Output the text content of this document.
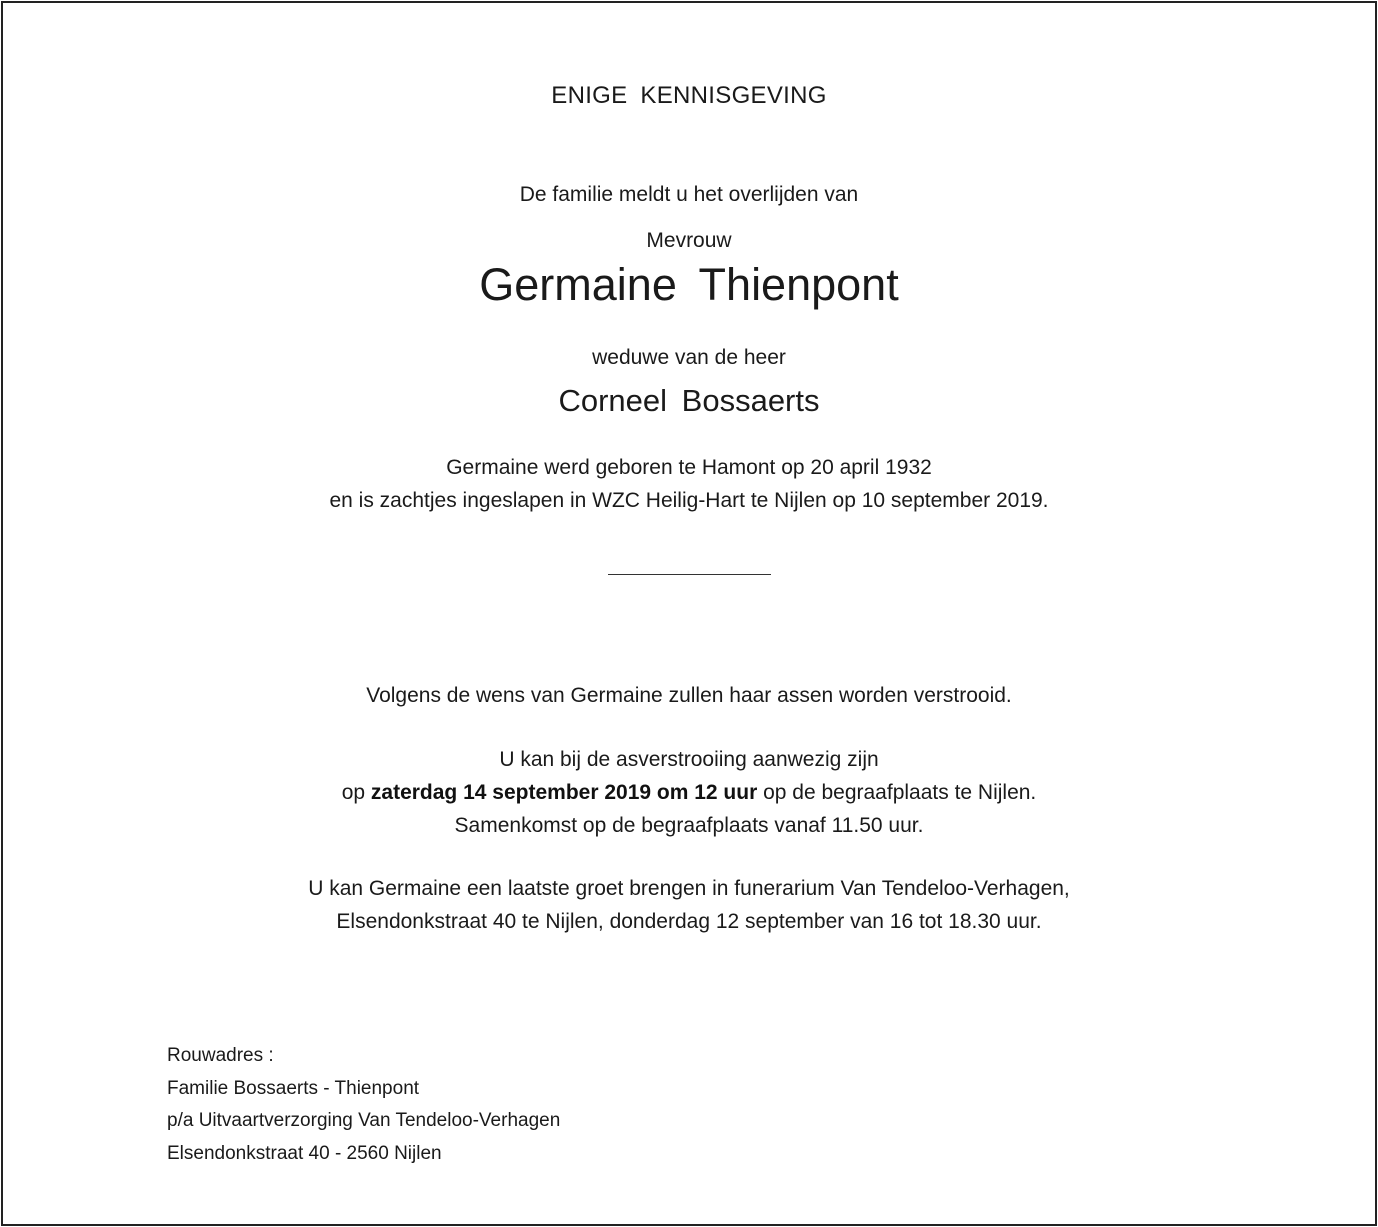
ENIGE KENNISGEVING
De familie meldt u het overlijden van
Mevrouw
Germaine Thienpont
weduwe van de heer
Corneel Bossaerts
Germaine werd geboren te Hamont op 20 april 1932
en is zachtjes ingeslapen in WZC Heilig-Hart te Nijlen op 10 september 2019.
Volgens de wens van Germaine zullen haar assen worden verstrooid.
U kan bij de asverstrooiing aanwezig zijn
op zaterdag 14 september 2019 om 12 uur op de begraafplaats te Nijlen.
Samenkomst op de begraafplaats vanaf 11.50 uur.
U kan Germaine een laatste groet brengen in funerarium Van Tendeloo-Verhagen,
Elsendonkstraat 40 te Nijlen, donderdag 12 september van 16 tot 18.30 uur.
Rouwadres :
Familie Bossaerts - Thienpont
p/a Uitvaartverzorging Van Tendeloo-Verhagen
Elsendonkstraat 40 - 2560 Nijlen
